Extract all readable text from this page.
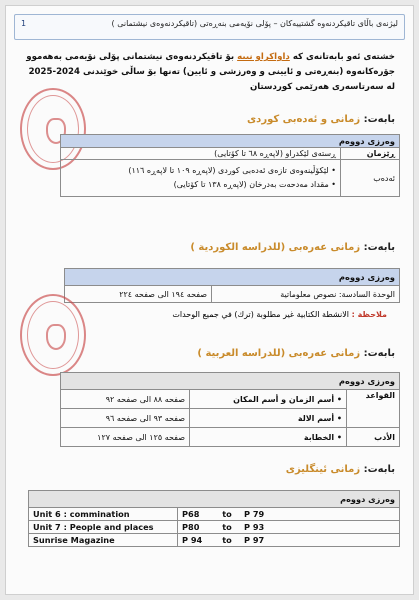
1	لیژنەی باڵای تاقیکردنەوە گشتییەکان – پۆلی نۆیەمی بنەڕەتی (تاقیکردنەوەی نیشتمانی )
خشتەی ئەو بابەتانەی كە داواكراو نییە بۆ تاقیكردنەوەی نیشتمانی پۆلی نۆیەمی بەهەموو جۆرەكانەوە (بنەڕەتی و ئایینی و وەرزشی و ئایین) تەنها بۆ ساڵی خوێندنی 2024-2025 لە سەرتاسەری هەرێمی كوردستان
بابەت: زمانی و ئەدەبی كوردی
وەرزی دووەم	
ڕێزمان	ڕستەی لێكدراو (لاپەڕە ٦٨ تا كۆتایی)
ئەدەب	• لێكۆڵینەوەی تازەی ئەدەبی كوردی (لاپەڕە ١٠٩ تا لاپەڕە ١١٦)
• مقداد مەدحەت بەدرخان (لاپەڕە ١٣٨ تا كۆتایی)
بابەت: زمانی عەرەبی (للدراسە الكوردیة )
وەرزی دووەم
الوحدة السادسة: نصوص معلوماتية	صفحه ١٩٤ الی صفحه ٢٢٤
ملاحظة : الانشطة الكتابية غير مطلوبة (ترك) في جميع الوحدات
بابەت: زمانی عەرەبی (للدراسە العربیة )
وەرزی دووەم		
القواعد	• أسم الزمان و أسم المكان	صفحه ٨٨ الی صفحه ٩٢
	• أسم الالة	صفحه ٩٣ الی صفحه ٩٦
الأدب	• الخطابة	صفحه ١٢٥ الی صفحه ١٢٧
بابەت: زمانی ئینگلیزی
وەرزی دووەم			
Unit 6 : commination	P68	to	P 79
Unit 7 : People and places	P80	to	P 93
Sunrise Magazine	P 94	to	P 97
